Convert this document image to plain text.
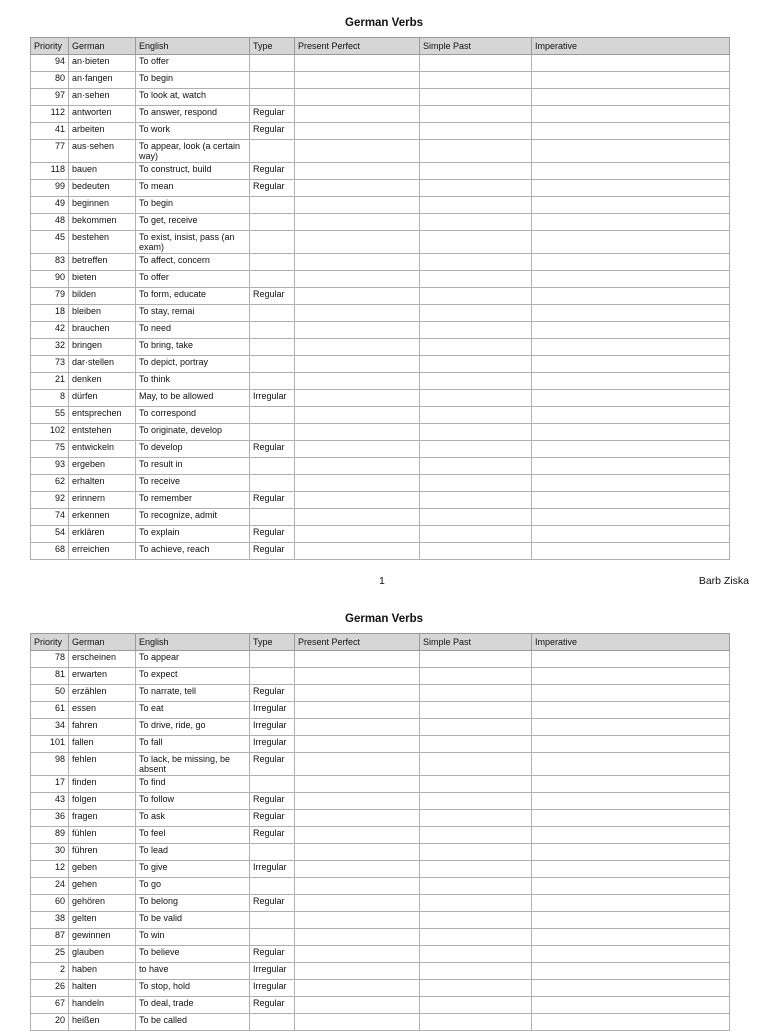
German Verbs
Priority	German	English	Type	Present Perfect	Simple Past	Imperative
94	an·bieten	To offer				
80	an·fangen	To begin				
97	an·sehen	To look at, watch				
112	antworten	To answer, respond	Regular			
41	arbeiten	To work	Regular			
77	aus·sehen	To appear, look (a certain way)				
118	bauen	To construct, build	Regular			
99	bedeuten	To mean	Regular			
49	beginnen	To begin				
48	bekommen	To get, receive				
45	bestehen	To exist, insist, pass (an exam)				
83	betreffen	To affect, concern				
90	bieten	To offer				
79	bilden	To form, educate	Regular			
18	bleiben	To stay, remai				
42	brauchen	To need				
32	bringen	To bring, take				
73	dar·stellen	To depict, portray				
21	denken	To think				
8	dürfen	May, to be allowed	Irregular			
55	entsprechen	To correspond				
102	entstehen	To originate, develop				
75	entwickeln	To develop	Regular			
93	ergeben	To result in				
62	erhalten	To receive				
92	erinnern	To remember	Regular			
74	erkennen	To recognize, admit				
54	erklären	To explain	Regular			
68	erreichen	To achieve, reach	Regular			
1	Barb Ziska
German Verbs
Priority	German	English	Type	Present Perfect	Simple Past	Imperative
78	erscheinen	To appear				
81	erwarten	To expect				
50	erzählen	To narrate, tell	Regular			
61	essen	To eat	Irregular			
34	fahren	To drive, ride, go	Irregular			
101	fallen	To fall	Irregular			
98	fehlen	To lack, be missing, be absent	Regular			
17	finden	To find				
43	folgen	To follow	Regular			
36	fragen	To ask	Regular			
89	fühlen	To feel	Regular			
30	führen	To lead				
12	geben	To give	Irregular			
24	gehen	To go				
60	gehören	To belong	Regular			
38	gelten	To be valid				
87	gewinnen	To win				
25	glauben	To believe	Regular			
2	haben	to have	Irregular			
26	halten	To stop, hold	Irregular			
67	handeln	To deal, trade	Regular			
20	heißen	To be called				
